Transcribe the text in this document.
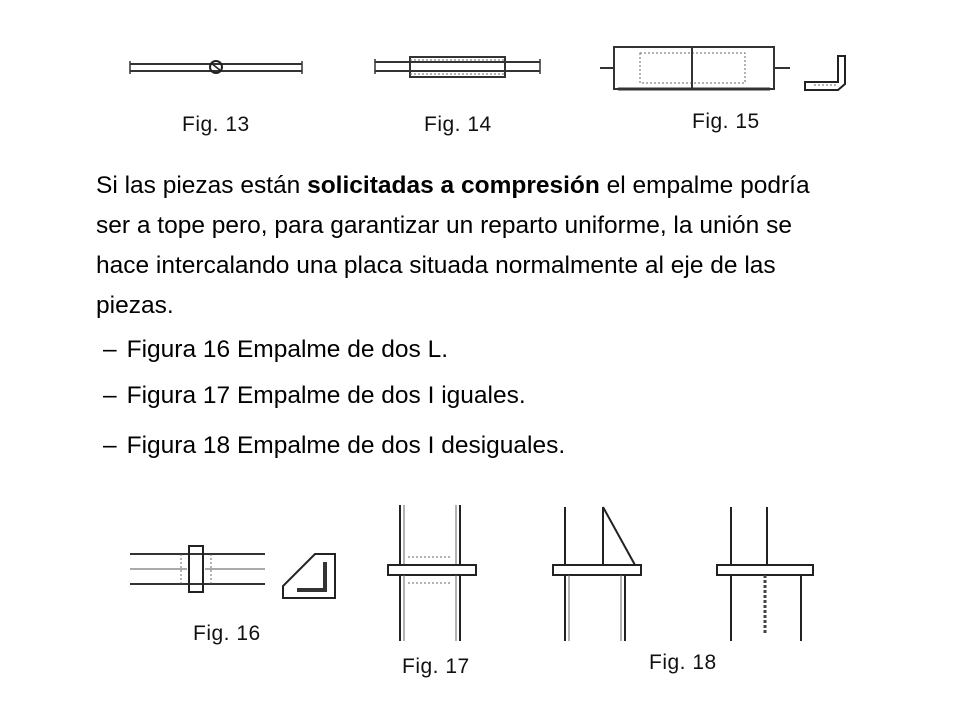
Fig. 13	Fig. 14	Fig. 15

Si las piezas están solicitadas a compresión el empalme podría ser a tope pero, para garantizar un reparto uniforme, la unión se hace intercalando una placa situada normalmente al eje de las piezas.

– Figura 16 Empalme de dos L.
– Figura 17 Empalme de dos I iguales.
– Figura 18 Empalme de dos I desiguales.
Fig. 16
Fig. 17	Fig. 18
